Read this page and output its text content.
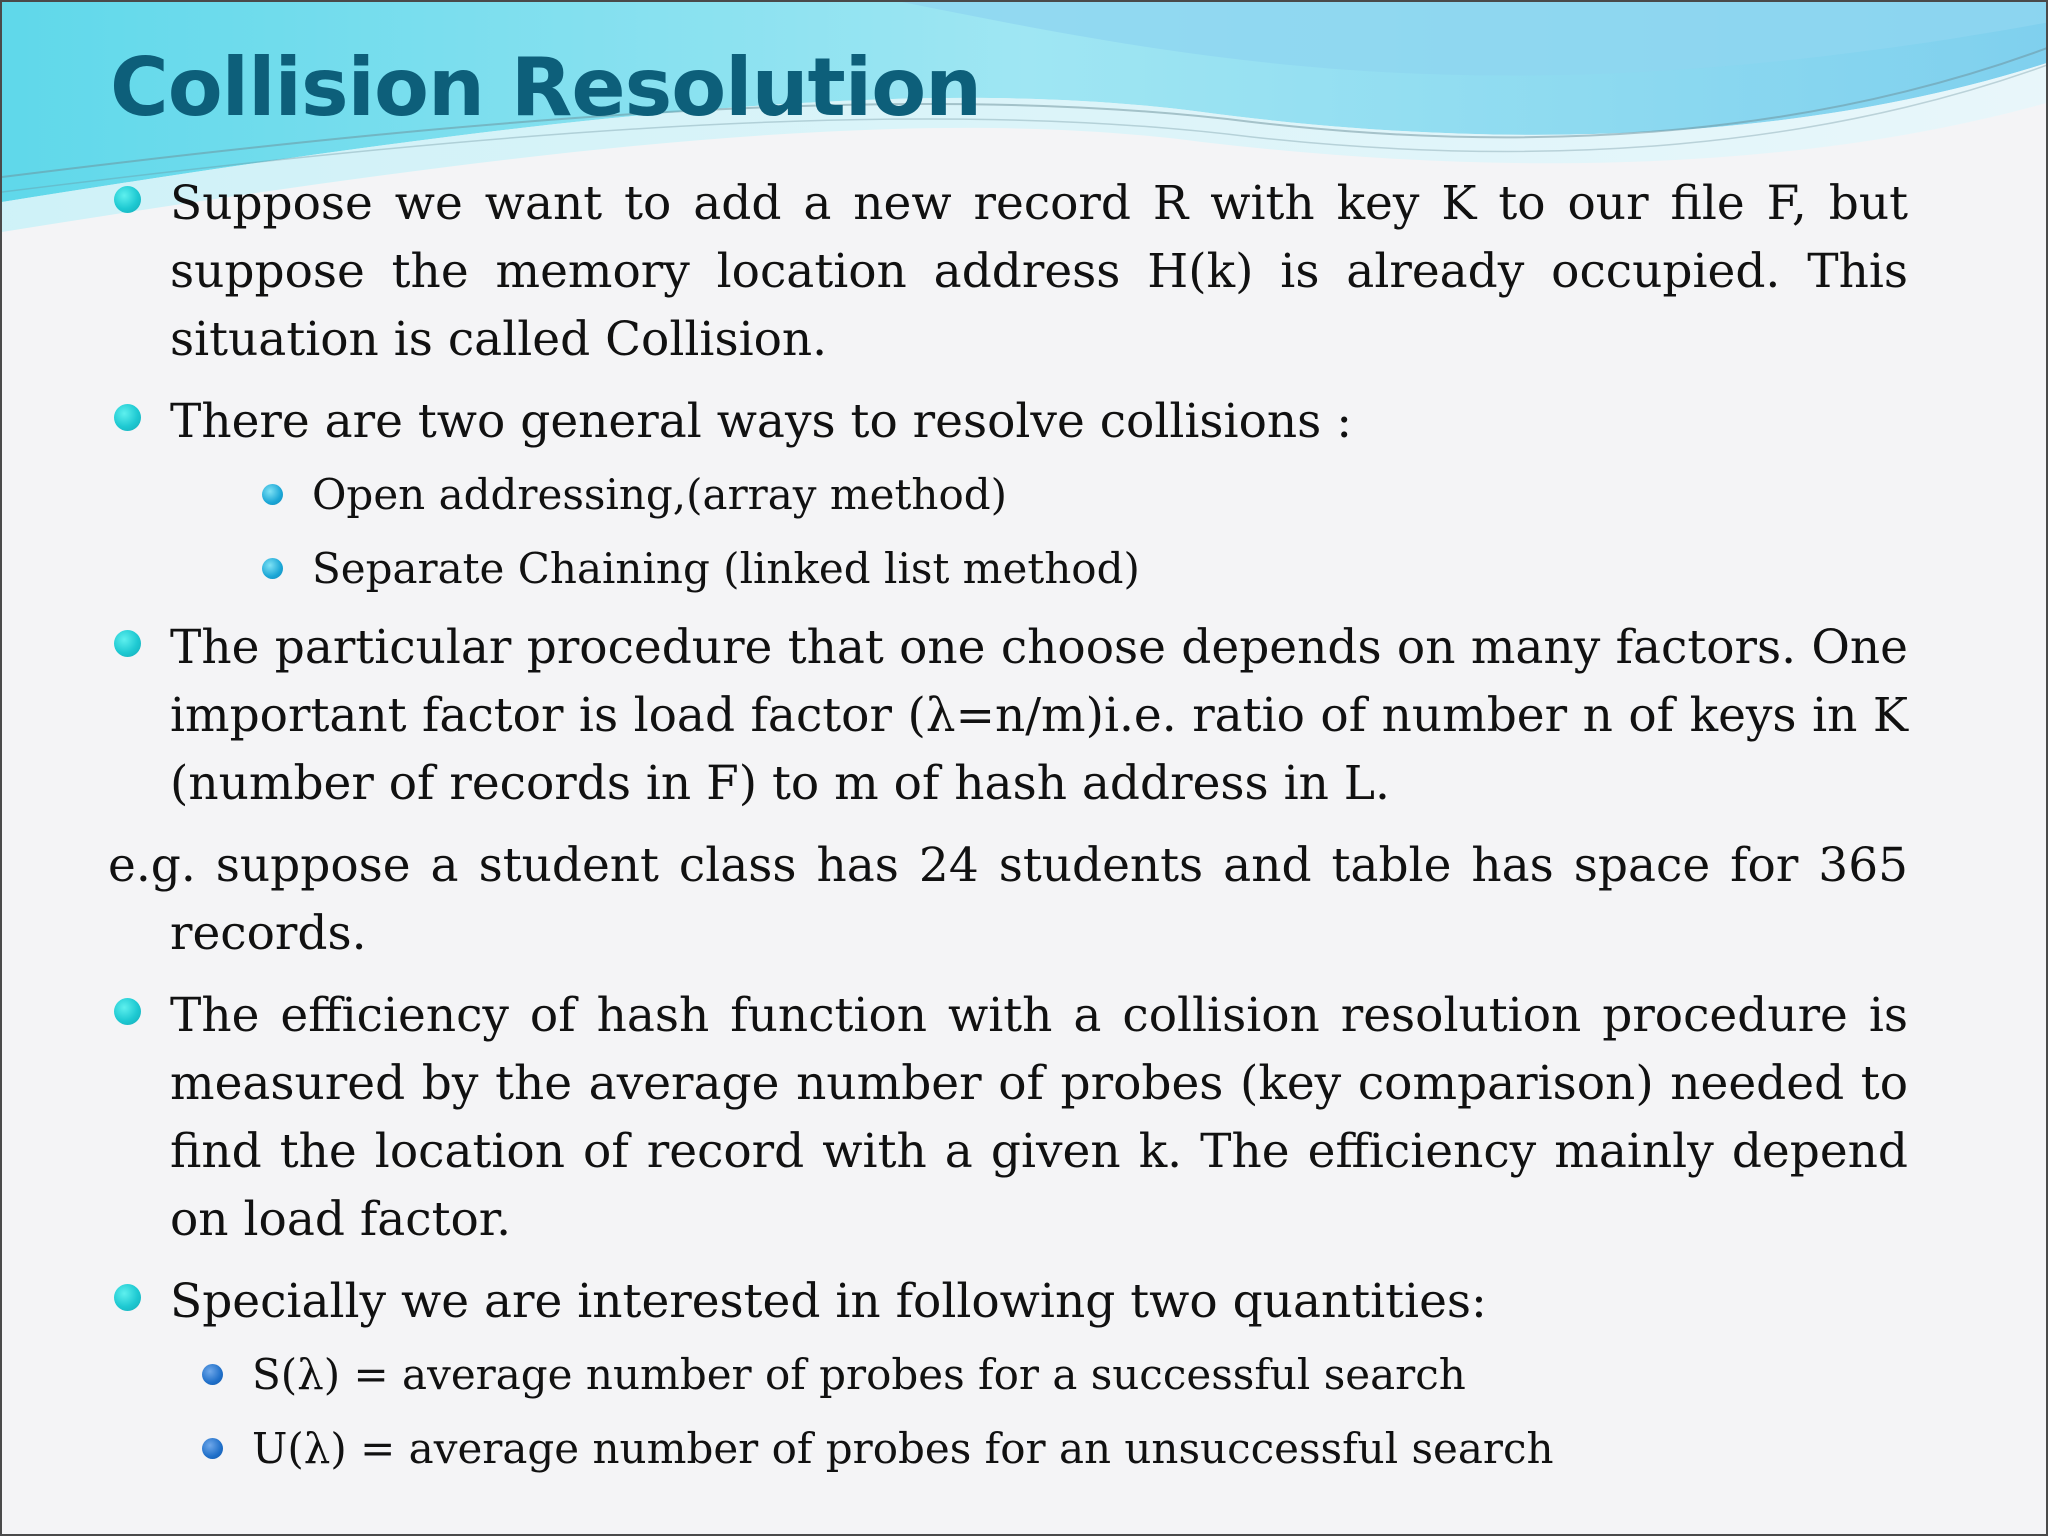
Collision Resolution
Suppose we want to add a new record R with key K to our file F, but suppose the memory location address H(k) is already occupied. This situation is called Collision.
There are two general ways to resolve collisions :
Open addressing,(array method)
Separate Chaining (linked list method)
The particular procedure that one choose depends on many factors. One important factor is load factor (λ=n/m)i.e. ratio of number n of keys in K (number of records in F) to m of hash address in L.
e.g. suppose a student class has 24 students and table has space for 365 records.
The efficiency of hash function with a collision resolution procedure is measured by the average number of probes (key comparison) needed to find the location of record with a given k. The efficiency mainly depend on load factor.
Specially we are interested in following two quantities:
S(λ) = average number of probes for a successful search
U(λ) = average number of probes for an unsuccessful search
